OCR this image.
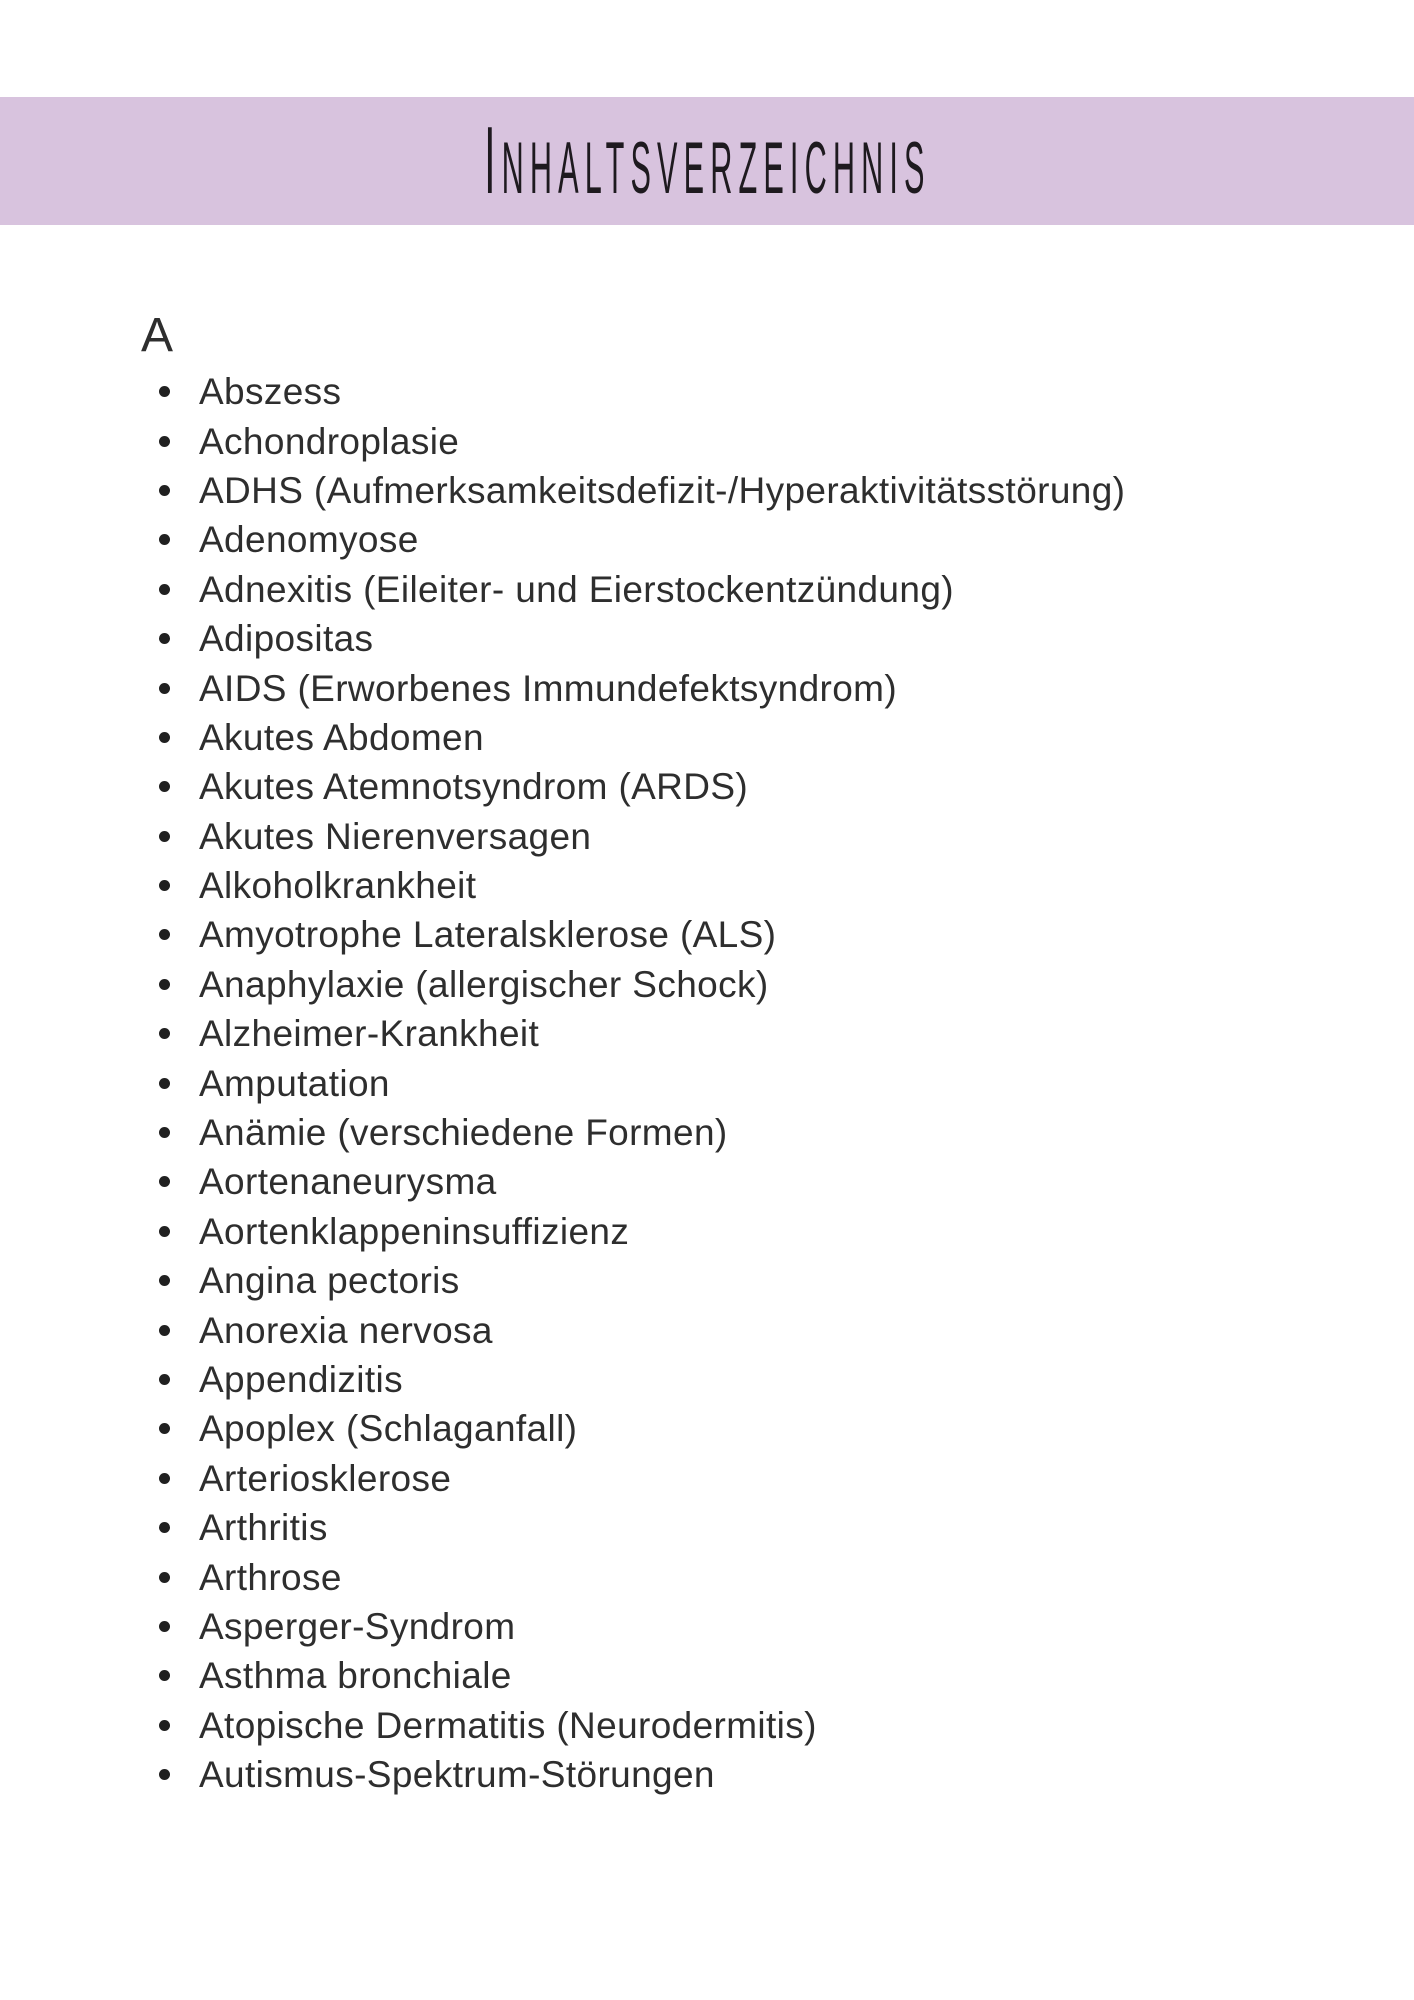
INHALTSVERZEICHNIS
A
Abszess
Achondroplasie
ADHS (Aufmerksamkeitsdefizit-/Hyperaktivitätsstörung)
Adenomyose
Adnexitis (Eileiter- und Eierstockentzündung)
Adipositas
AIDS (Erworbenes Immundefektsyndrom)
Akutes Abdomen
Akutes Atemnotsyndrom (ARDS)
Akutes Nierenversagen
Alkoholkrankheit
Amyotrophe Lateralsklerose (ALS)
Anaphylaxie (allergischer Schock)
Alzheimer-Krankheit
Amputation
Anämie (verschiedene Formen)
Aortenaneurysma
Aortenklappeninsuffizienz
Angina pectoris
Anorexia nervosa
Appendizitis
Apoplex (Schlaganfall)
Arteriosklerose
Arthritis
Arthrose
Asperger-Syndrom
Asthma bronchiale
Atopische Dermatitis (Neurodermitis)
Autismus-Spektrum-Störungen
